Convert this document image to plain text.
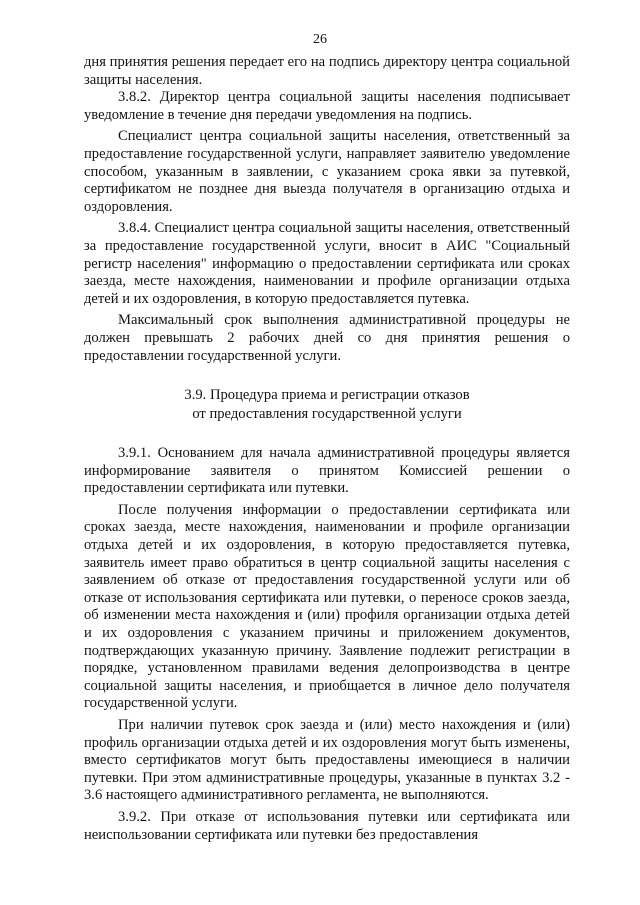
26

дня принятия решения передает его на подпись директору центра социальной защиты населения.

3.8.2. Директор центра социальной защиты населения подписывает уведомление в течение дня передачи уведомления на подпись.

Специалист центра социальной защиты населения, ответственный за предоставление государственной услуги, направляет заявителю уведомление способом, указанным в заявлении, с указанием срока явки за путевкой, сертификатом не позднее дня выезда получателя в организацию отдыха и оздоровления.

3.8.4. Специалист центра социальной защиты населения, ответственный за предоставление государственной услуги, вносит в АИС "Социальный регистр населения" информацию о предоставлении сертификата или сроках заезда, месте нахождения, наименовании и профиле организации отдыха детей и их оздоровления, в которую предоставляется путевка.

Максимальный срок выполнения административной процедуры не должен превышать 2 рабочих дней со дня принятия решения о предоставлении государственной услуги.

3.9. Процедура приема и регистрации отказов
от предоставления государственной услуги

3.9.1. Основанием для начала административной процедуры является информирование заявителя о принятом Комиссией решении о предоставлении сертификата или путевки.

После получения информации о предоставлении сертификата или сроках заезда, месте нахождения, наименовании и профиле организации отдыха детей и их оздоровления, в которую предоставляется путевка, заявитель имеет право обратиться в центр социальной защиты населения с заявлением об отказе от предоставления государственной услуги или об отказе от использования сертификата или путевки, о переносе сроков заезда, об изменении места нахождения и (или) профиля организации отдыха детей и их оздоровления с указанием причины и приложением документов, подтверждающих указанную причину. Заявление подлежит регистрации в порядке, установленном правилами ведения делопроизводства в центре социальной защиты населения, и приобщается в личное дело получателя государственной услуги.

При наличии путевок срок заезда и (или) место нахождения и (или) профиль организации отдыха детей и их оздоровления могут быть изменены, вместо сертификатов могут быть предоставлены имеющиеся в наличии путевки. При этом административные процедуры, указанные в пунктах 3.2 - 3.6 настоящего административного регламента, не выполняются.

3.9.2. При отказе от использования путевки или сертификата или неиспользовании сертификата или путевки без предоставления
